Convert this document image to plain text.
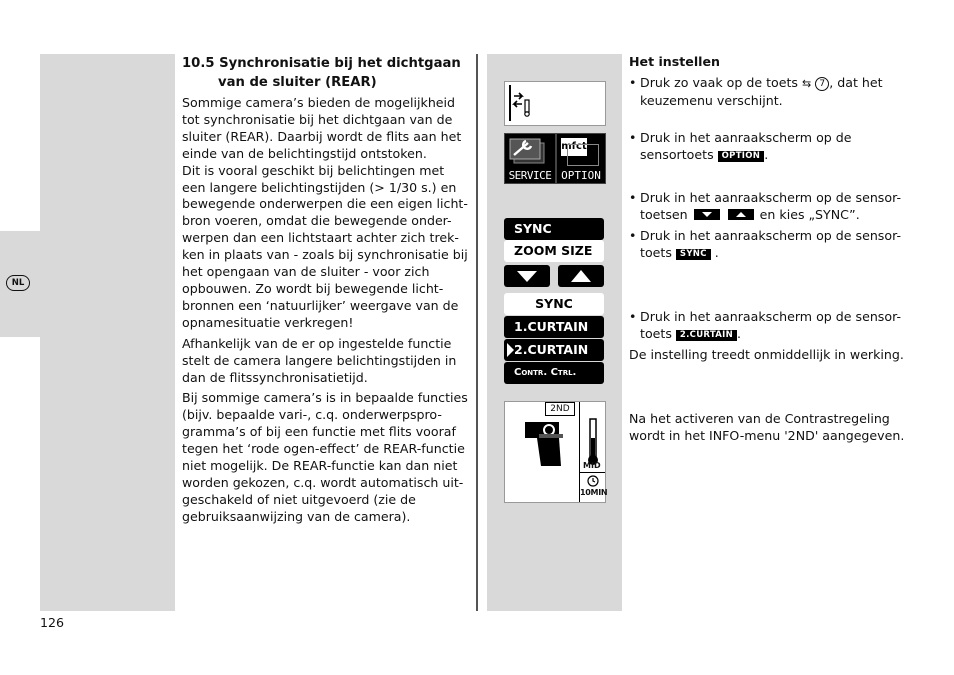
NL
10.5 Synchronisatie bij het dichtgaan
van de sluiter (REAR)

Sommige camera’s bieden de mogelijkheid tot synchronisatie bij het dichtgaan van de sluiter (REAR). Daarbij wordt de flits aan het einde van de belichtingstijd ontstoken.

Dit is vooral geschikt bij belichtingen met een langere belichtingstijden (> 1/30 s.) en bewegende onderwerpen die een eigen licht-bron voeren, omdat die bewegende onder-werpen dan een lichtstaart achter zich trek-ken in plaats van - zoals bij synchronisatie bij het opengaan van de sluiter - voor zich opbouwen. Zo wordt bij bewegende licht-bronnen een ‘natuurlijker’ weergave van de opnamesituatie verkregen!

Afhankelijk van de er op ingestelde functie stelt de camera langere belichtingstijden in dan de flitssynchronisatietijd.

Bij sommige camera’s is in bepaalde functies (bijv. bepaalde vari-, c.q. onderwerpspro-gramma’s of bij een functie met flits vooraf tegen het ‘rode ogen-effect’ de REAR-functie niet mogelijk. De REAR-functie kan dan niet worden gekozen, c.q. wordt automatisch uit-geschakeld of niet uitgevoerd (zie de gebruiksaanwijzing van de camera).

SERVICE
mfct
OPTION
SYNC
ZOOM SIZE
SYNC
1.CURTAIN
2.CURTAIN
Contr. Ctrl.
2ND
MID
10MIN
Het instellen
• Druk zo vaak op de toets ⇆ 7 , dat het keuzemenu verschijnt.
• Druk in het aanraakscherm op de sensortoets OPTION .
• Druk in het aanraakscherm op de sensor-toetsen	en kies „SYNC”.
• Druk in het aanraakscherm op de sensor-toets SYNC .
• Druk in het aanraakscherm op de sensor-toets 2.CURTAIN .
De instelling treedt onmiddellijk in werking.
Na het activeren van de Contrastregeling wordt in het INFO-menu '2ND' aangegeven.
126
